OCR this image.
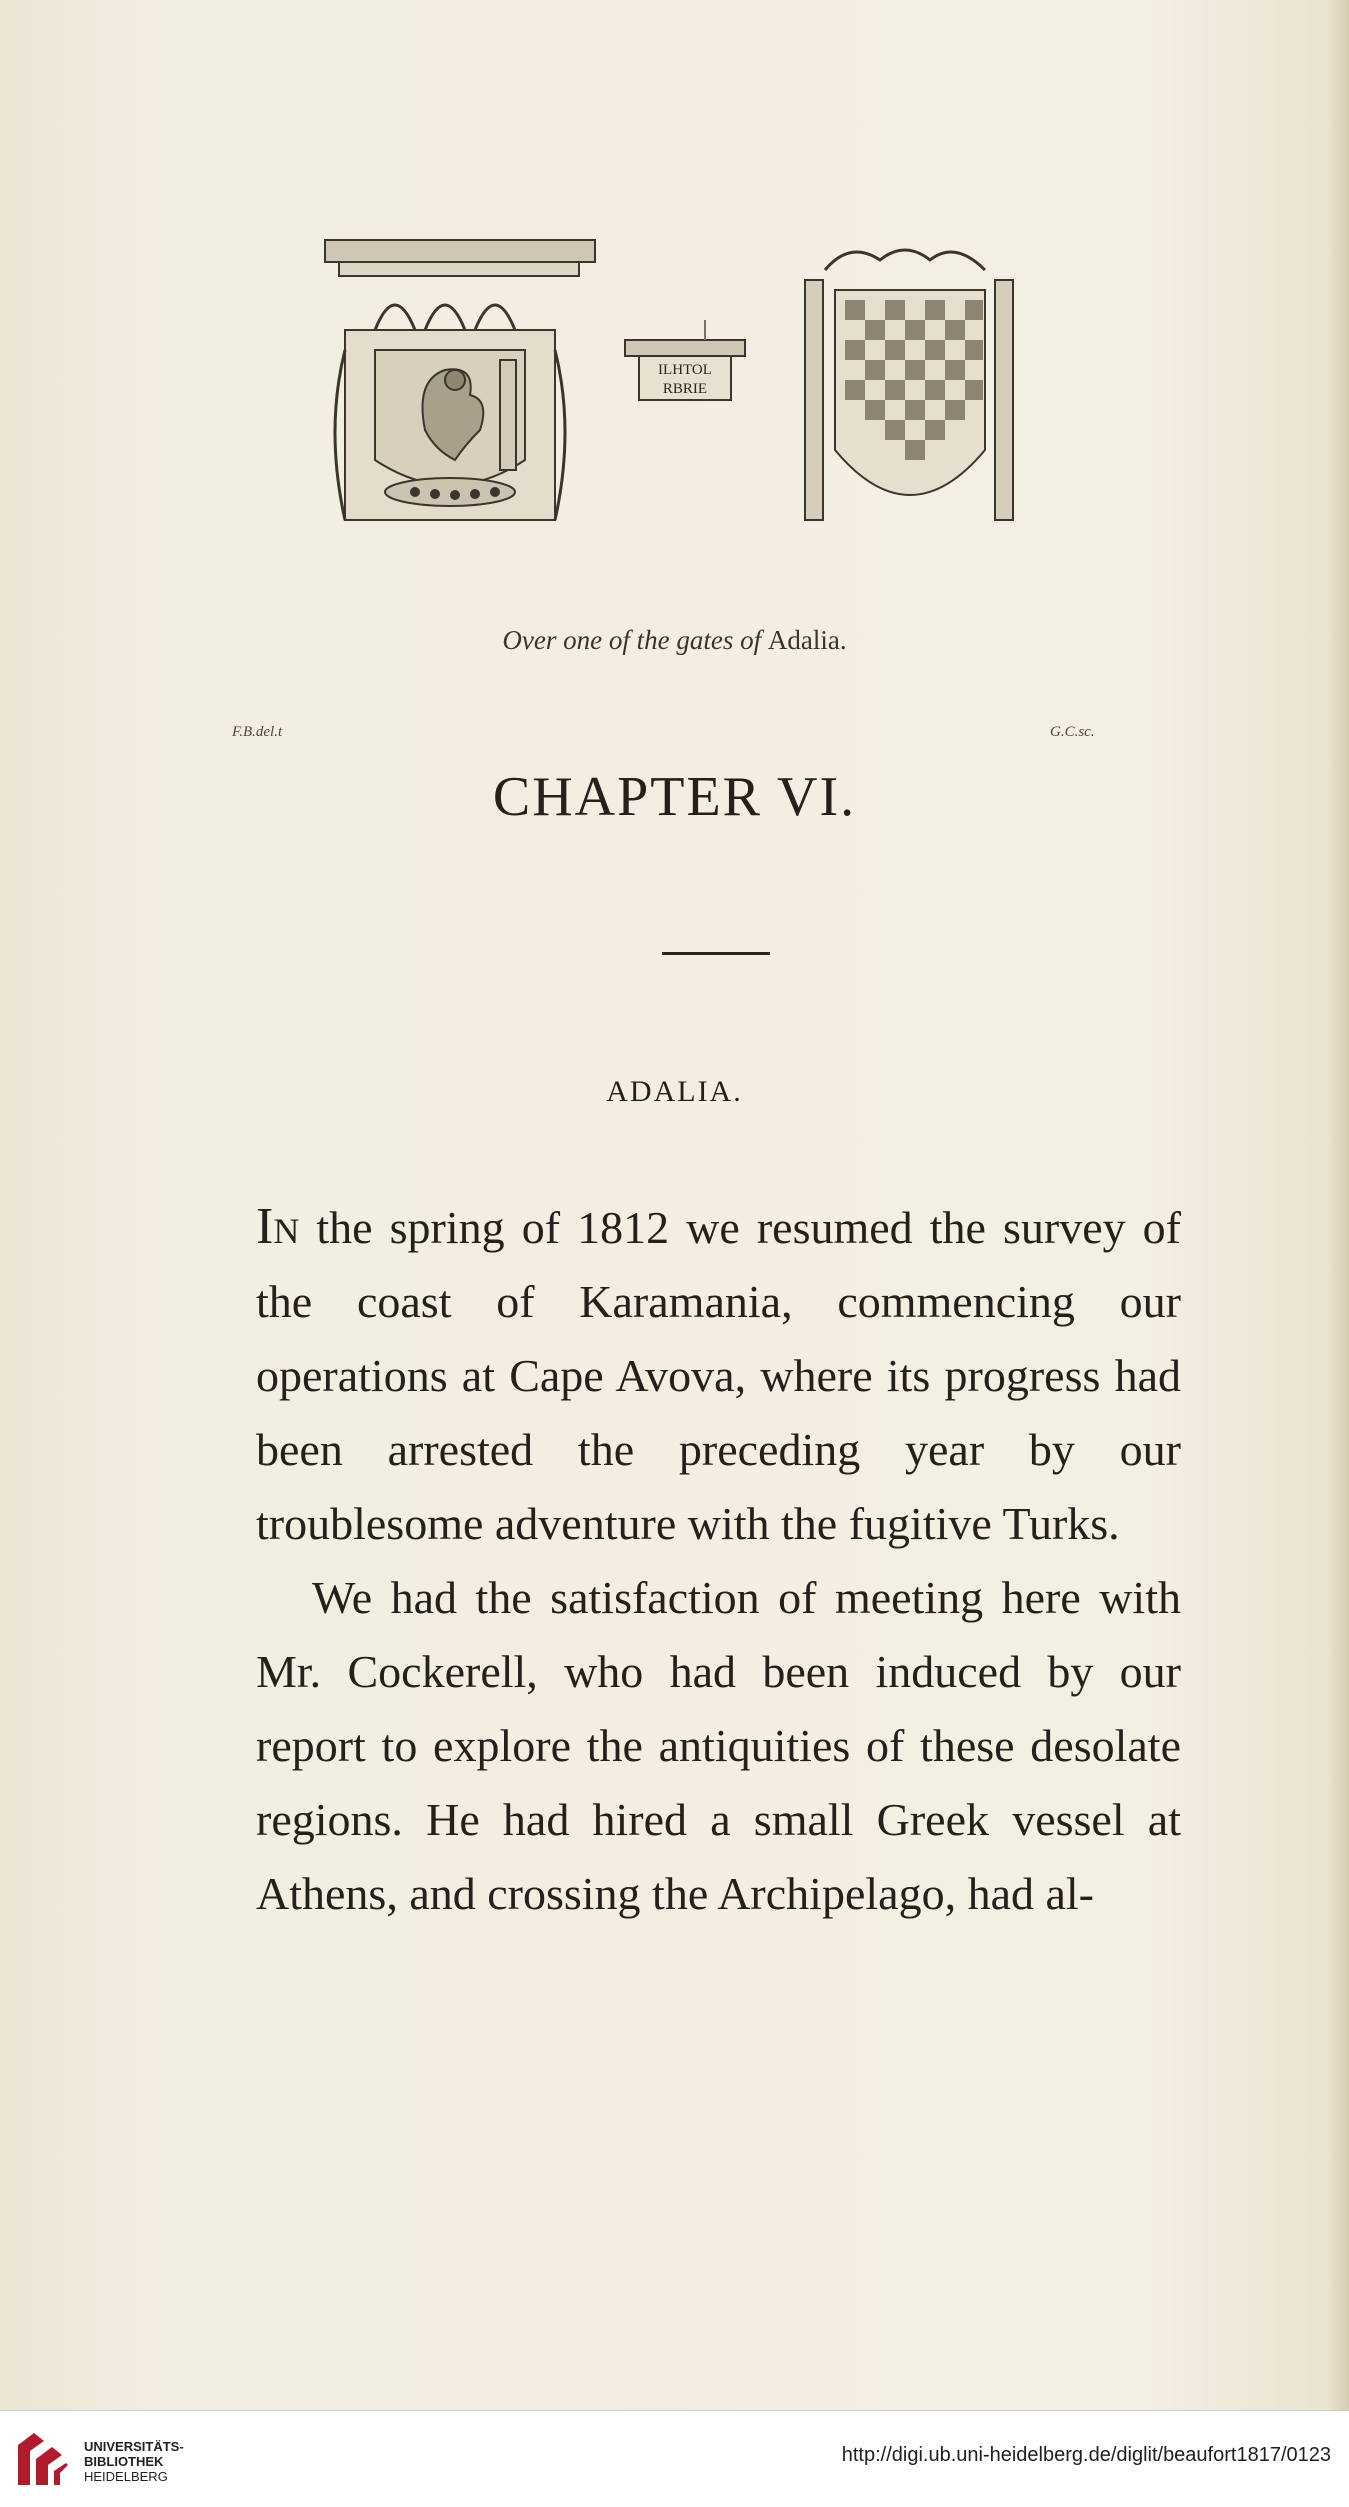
ILHTOL
RBRIE
Over one of the gates of Adalia.
F.B.del.t	G.C.sc.
CHAPTER VI.
ADALIA.

In the spring of 1812 we resumed the survey of the coast of Karamania, commencing our operations at Cape Avova, where its progress had been arrested the preceding year by our troublesome adventure with the fugitive Turks.

We had the satisfaction of meeting here with Mr. Cockerell, who had been induced by our report to explore the antiquities of these desolate regions. He had hired a small Greek vessel at Athens, and crossing the Archipelago, had al-

UNIVERSITÄTS-
BIBLIOTHEK
HEIDELBERG
http://digi.ub.uni-heidelberg.de/diglit/beaufort1817/0123
